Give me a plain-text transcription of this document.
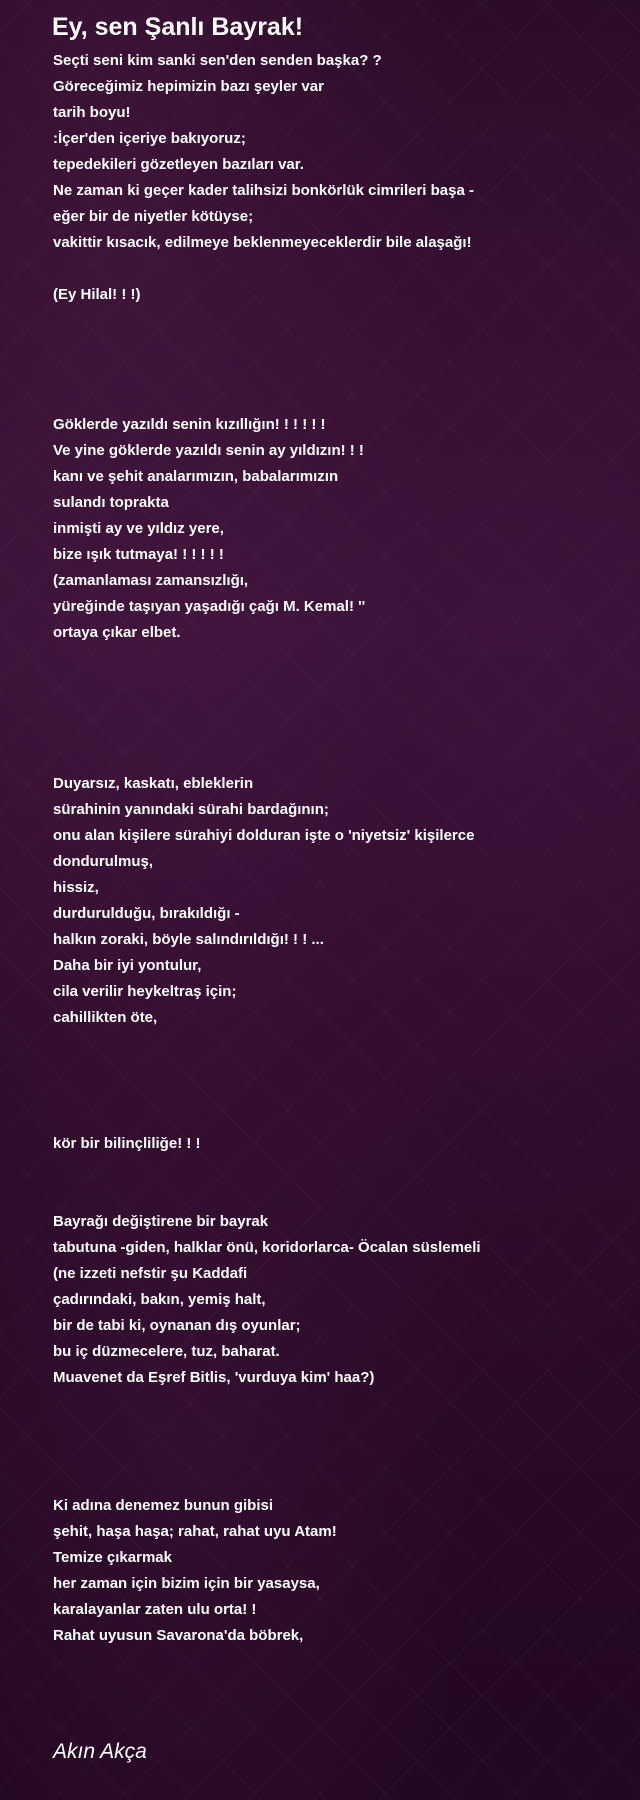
Ey, sen Şanlı Bayrak!
Seçti seni kim sanki sen'den senden başka? ?
Göreceğimiz hepimizin bazı şeyler var
tarih boyu!
:İçer'den içeriye bakıyoruz;
tepedekileri gözetleyen bazıları var.
Ne zaman ki geçer kader talihsizi bonkörlük cimrileri başa -
eğer bir de niyetler kötüyse;
vakittir kısacık, edilmeye beklenmeyeceklerdir bile alaşağı!
(Ey Hilal! ! !)
Göklerde yazıldı senin kızıllığın! ! ! ! ! !
Ve yine göklerde yazıldı senin ay yıldızın! ! !
kanı ve şehit analarımızın, babalarımızın
sulandı toprakta
inmişti ay ve yıldız yere,
bize ışık tutmaya! ! ! ! ! !
(zamanlaması zamansızlığı,
yüreğinde taşıyan yaşadığı çağı M. Kemal! ''
ortaya çıkar elbet.
Duyarsız, kaskatı, ebleklerin
sürahinin yanındaki sürahi bardağının;
onu alan kişilere sürahiyi dolduran işte o 'niyetsiz' kişilerce
dondurulmuş,
hissiz,
durdurulduğu, bırakıldığı -
halkın zoraki, böyle salındırıldığı! ! ! ...
Daha bir iyi yontulur,
cila verilir heykeltraş için;
cahillikten öte,
kör bir bilinçliliğe! ! !
Bayrağı değiştirene bir bayrak
tabutuna -giden, halklar önü, koridorlarca- Öcalan süslemeli
(ne izzeti nefstir şu Kaddafi
çadırındaki, bakın, yemiş halt,
bir de tabi ki, oynanan dış oyunlar;
bu iç düzmecelere, tuz, baharat.
Muavenet da Eşref Bitlis, 'vurduya kim' haa?)
Ki adına denemez bunun gibisi
şehit, haşa haşa; rahat, rahat uyu Atam!
Temize çıkarmak
her zaman için bizim için bir yasaysa,
karalayanlar zaten ulu orta! !
Rahat uyusun Savarona'da böbrek,
Akın Akça
